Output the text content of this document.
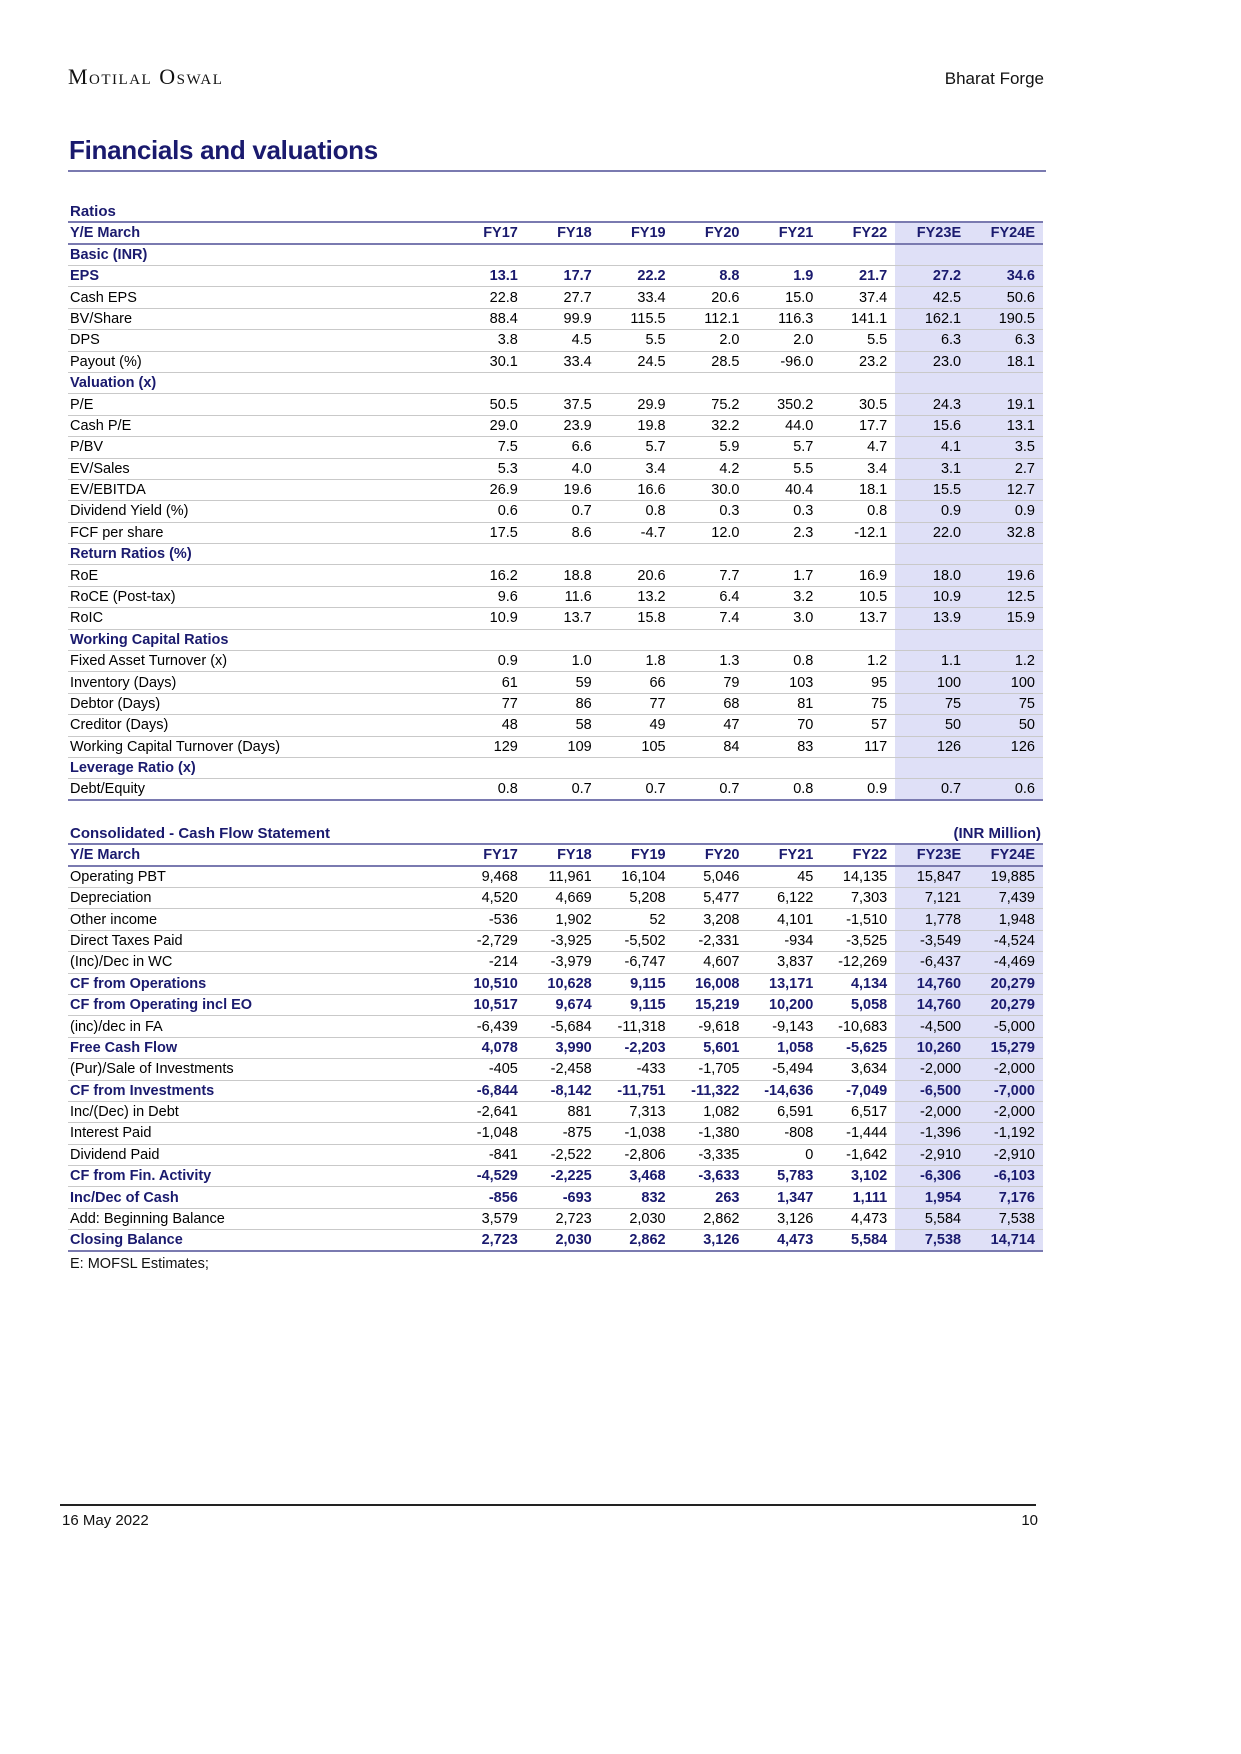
Motilal Oswal	Bharat Forge
Financials and valuations
Ratios
Y/E March	FY17	FY18	FY19	FY20	FY21	FY22	FY23E	FY24E
Basic (INR)								
EPS	13.1	17.7	22.2	8.8	1.9	21.7	27.2	34.6
Cash EPS	22.8	27.7	33.4	20.6	15.0	37.4	42.5	50.6
BV/Share	88.4	99.9	115.5	112.1	116.3	141.1	162.1	190.5
DPS	3.8	4.5	5.5	2.0	2.0	5.5	6.3	6.3
Payout (%)	30.1	33.4	24.5	28.5	-96.0	23.2	23.0	18.1
Valuation (x)								
P/E	50.5	37.5	29.9	75.2	350.2	30.5	24.3	19.1
Cash P/E	29.0	23.9	19.8	32.2	44.0	17.7	15.6	13.1
P/BV	7.5	6.6	5.7	5.9	5.7	4.7	4.1	3.5
EV/Sales	5.3	4.0	3.4	4.2	5.5	3.4	3.1	2.7
EV/EBITDA	26.9	19.6	16.6	30.0	40.4	18.1	15.5	12.7
Dividend Yield (%)	0.6	0.7	0.8	0.3	0.3	0.8	0.9	0.9
FCF per share	17.5	8.6	-4.7	12.0	2.3	-12.1	22.0	32.8
Return Ratios (%)								
RoE	16.2	18.8	20.6	7.7	1.7	16.9	18.0	19.6
RoCE (Post-tax)	9.6	11.6	13.2	6.4	3.2	10.5	10.9	12.5
RoIC	10.9	13.7	15.8	7.4	3.0	13.7	13.9	15.9
Working Capital Ratios								
Fixed Asset Turnover (x)	0.9	1.0	1.8	1.3	0.8	1.2	1.1	1.2
Inventory (Days)	61	59	66	79	103	95	100	100
Debtor (Days)	77	86	77	68	81	75	75	75
Creditor (Days)	48	58	49	47	70	57	50	50
Working Capital Turnover (Days)	129	109	105	84	83	117	126	126
Leverage Ratio (x)								
Debt/Equity	0.8	0.7	0.7	0.7	0.8	0.9	0.7	0.6
Consolidated - Cash Flow Statement	(INR Million)
Y/E March	FY17	FY18	FY19	FY20	FY21	FY22	FY23E	FY24E
Operating PBT	9,468	11,961	16,104	5,046	45	14,135	15,847	19,885
Depreciation	4,520	4,669	5,208	5,477	6,122	7,303	7,121	7,439
Other income	-536	1,902	52	3,208	4,101	-1,510	1,778	1,948
Direct Taxes Paid	-2,729	-3,925	-5,502	-2,331	-934	-3,525	-3,549	-4,524
(Inc)/Dec in WC	-214	-3,979	-6,747	4,607	3,837	-12,269	-6,437	-4,469
CF from Operations	10,510	10,628	9,115	16,008	13,171	4,134	14,760	20,279
CF from Operating incl EO	10,517	9,674	9,115	15,219	10,200	5,058	14,760	20,279
(inc)/dec in FA	-6,439	-5,684	-11,318	-9,618	-9,143	-10,683	-4,500	-5,000
Free Cash Flow	4,078	3,990	-2,203	5,601	1,058	-5,625	10,260	15,279
(Pur)/Sale of Investments	-405	-2,458	-433	-1,705	-5,494	3,634	-2,000	-2,000
CF from Investments	-6,844	-8,142	-11,751	-11,322	-14,636	-7,049	-6,500	-7,000
Inc/(Dec) in Debt	-2,641	881	7,313	1,082	6,591	6,517	-2,000	-2,000
Interest Paid	-1,048	-875	-1,038	-1,380	-808	-1,444	-1,396	-1,192
Dividend Paid	-841	-2,522	-2,806	-3,335	0	-1,642	-2,910	-2,910
CF from Fin. Activity	-4,529	-2,225	3,468	-3,633	5,783	3,102	-6,306	-6,103
Inc/Dec of Cash	-856	-693	832	263	1,347	1,111	1,954	7,176
Add: Beginning Balance	3,579	2,723	2,030	2,862	3,126	4,473	5,584	7,538
Closing Balance	2,723	2,030	2,862	3,126	4,473	5,584	7,538	14,714
E: MOFSL Estimates;
16 May 2022	10
